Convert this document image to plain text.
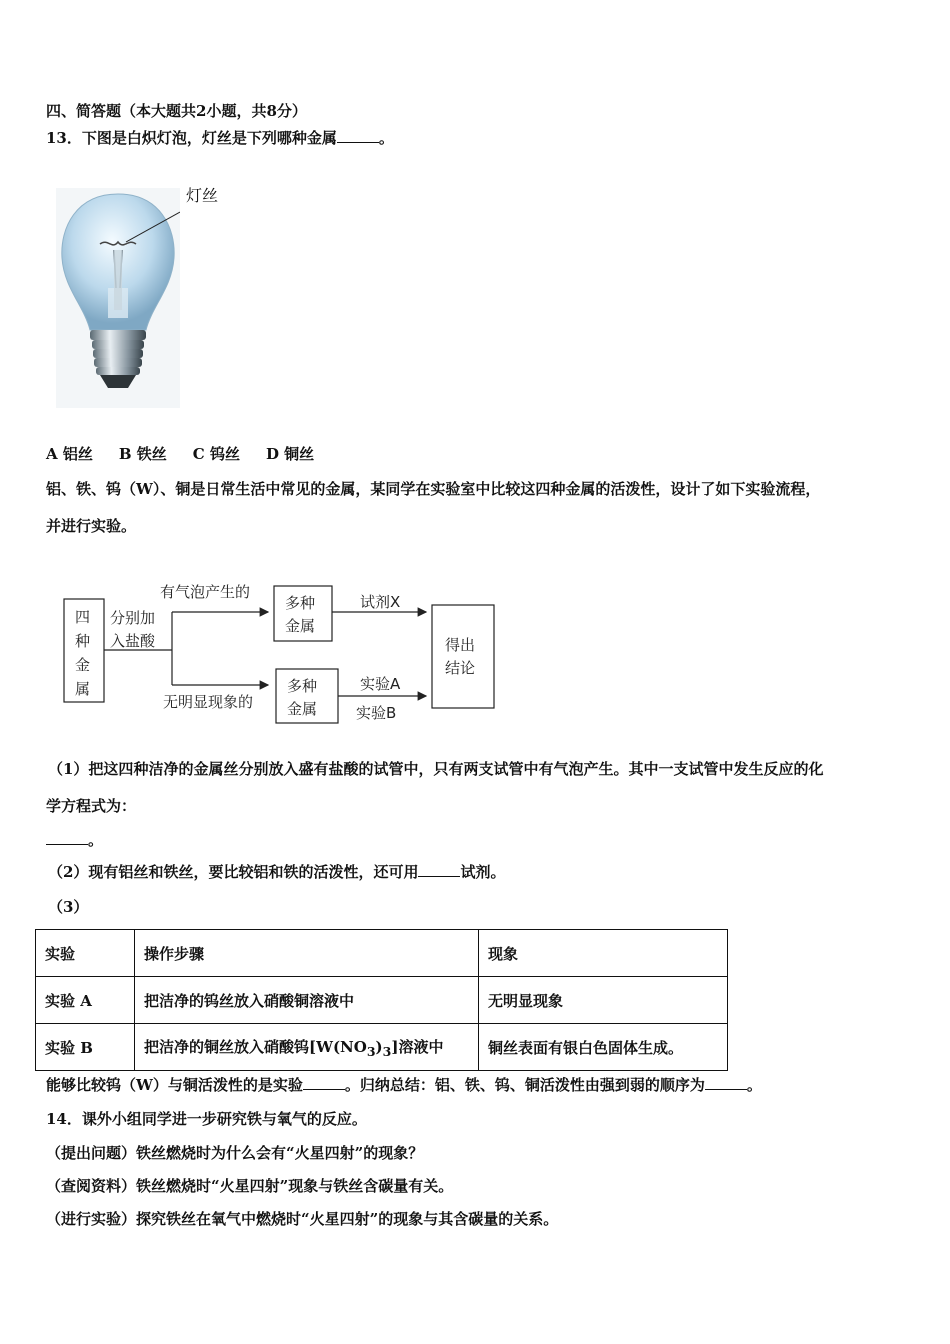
四、简答题（本大题共2小题，共8分）
13．下图是白炽灯泡，灯丝是下列哪种金属	。
灯丝
A 铝丝 B 铁丝 C 钨丝 D 铜丝
铝、铁、钨（W）、铜是日常生活中常见的金属，某同学在实验室中比较这四种金属的活泼性，设计了如下实验流程，
并进行实验。
四
种
金
属
分别加
入盐酸
有气泡产生的
无明显现象的
多种
金属
多种
金属
试剂X
实验A
实验B
得出
结论
（1）把这四种洁净的金属丝分别放入盛有盐酸的试管中，只有两支试管中有气泡产生。其中一支试管中发生反应的化
学方程式为：
。
（2）现有铝丝和铁丝，要比较铝和铁的活泼性，还可用	试剂。
（3）
实验	操作步骤	现象
实验 A	把洁净的钨丝放入硝酸铜溶液中	无明显现象
实验 B	把洁净的铜丝放入硝酸钨$[W(NO_3)_3]$溶液中	铜丝表面有银白色固体生成。
能够比较钨（W）与铜活泼性的是实验	。归纳总结：铝、铁、钨、铜活泼性由强到弱的顺序为	。
14．课外小组同学进一步研究铁与氧气的反应。
（提出问题）铁丝燃烧时为什么会有“火星四射”的现象？
（查阅资料）铁丝燃烧时“火星四射”现象与铁丝含碳量有关。
（进行实验）探究铁丝在氧气中燃烧时“火星四射”的现象与其含碳量的关系。
